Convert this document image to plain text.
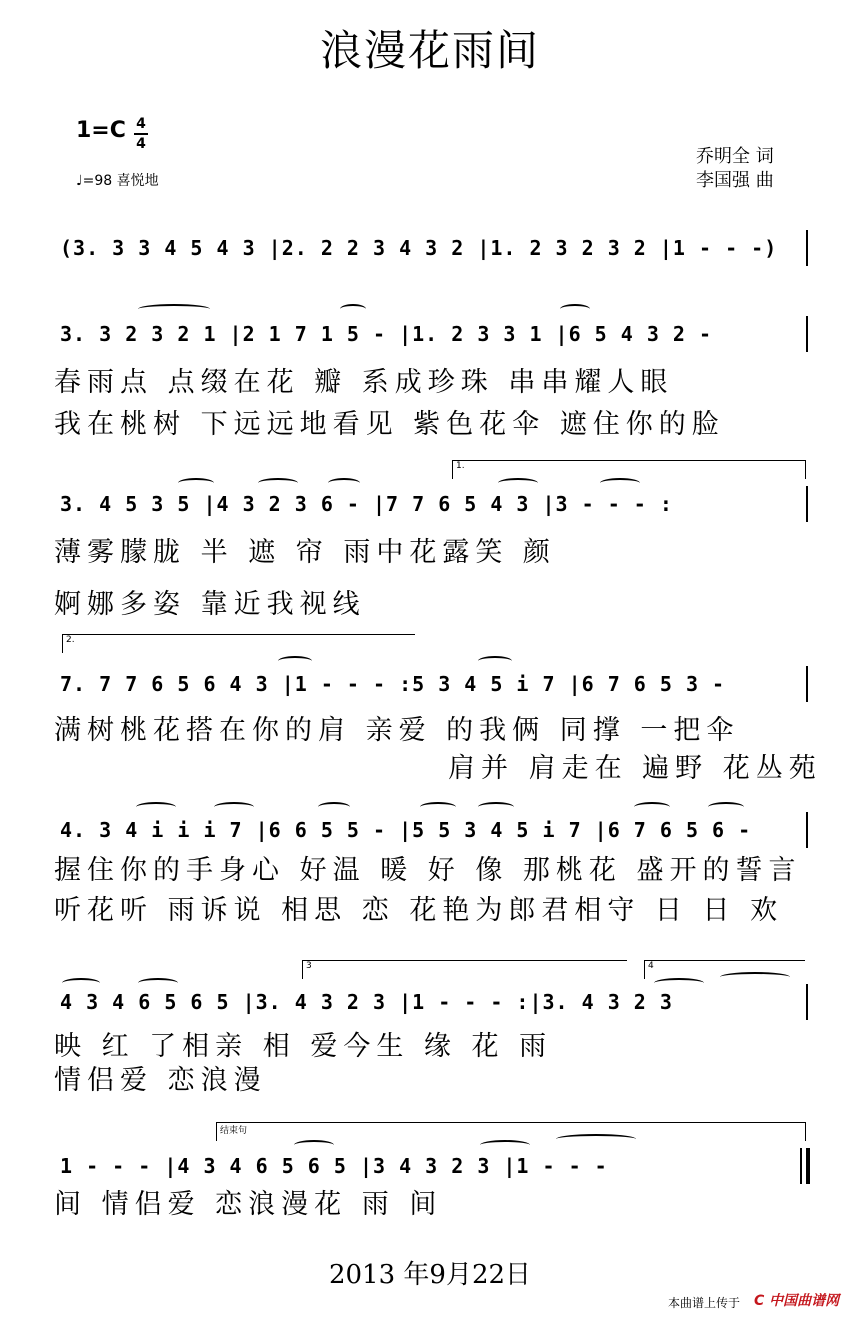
浪漫花雨间
1=C 4
4
♩=98 喜悦地
乔明全 词
李国强 曲
(3. 3 3 4 5 4 3 |2. 2 2 3 4 3 2 |1. 2 3 2 3 2 |1 - - -)
3. 3 2 3 2 1 |2 1 7 1 5 - |1. 2 3 3 1 |6 5 4 3 2 -
春雨点 点缀在花 瓣 系成珍珠 串串耀人眼
我在桃树 下远远地看见 紫色花伞 遮住你的脸
1.
3. 4 5 3 5 |4 3 2 3 6 - |7 7 6 5 4 3 |3 - - - :
薄雾朦胧 半 遮 帘 雨中花露笑 颜
婀娜多姿 靠近我视线
2.
7. 7 7 6 5 6 4 3 |1 - - - :5 3 4 5 i 7 |6 7 6 5 3 -
满树桃花搭在你的肩 亲爱 的我俩 同撑 一把伞
肩并 肩走在 遍野 花丛苑
4. 3 4 i i i 7 |6 6 5 5 - |5 5 3 4 5 i 7 |6 7 6 5 6 -
握住你的手身心 好温 暖 好 像 那桃花 盛开的誓言
听花听 雨诉说 相思 恋 花艳为郎君相守 日 日 欢
3	4
4 3 4 6 5 6 5 |3. 4 3 2 3 |1 - - - :|3. 4 3 2 3
映 红 了相亲 相 爱今生 缘 花 雨
情侣爱 恋浪漫
结束句
1 - - - |4 3 4 6 5 6 5 |3 4 3 2 3 |1 - - -
间 情侣爱 恋浪漫花 雨 间
2013 年9月22日
本曲谱上传于 C 中国曲谱网
